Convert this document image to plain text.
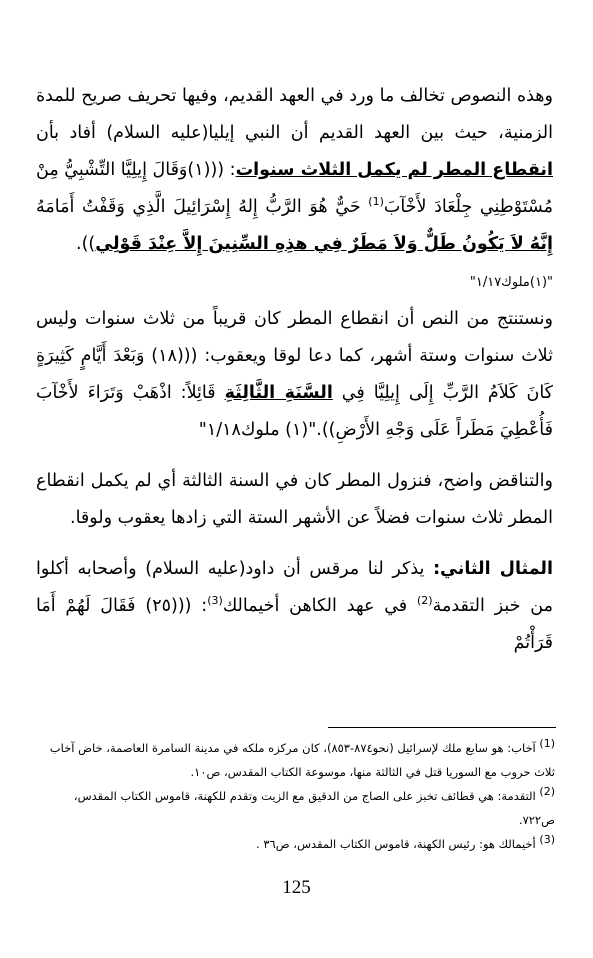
وهذه النصوص تخالف ما ورد في العهد القديم، وفيها تحريف صريح للمدة الزمنية، حيث بين العهد القديم أن النبي إيليا(عليه السلام) أفاد بأن انقطاع المطر لم يكمل الثلاث سنوات: (((١)وَقَالَ إِيلِيَّا التِّشْبِيُّ مِنْ مُسْتَوْطِنِي جِلْعَادَ لأَخْآبَ$^{(1)}$ حَيٌّ هُوَ الرَّبُّ إِلهُ إِسْرَائِيلَ الَّذِي وَقَفْتُ أَمَامَهُ إِنَّهُ لاَ يَكُونُ طَلٌّ وَلاَ مَطَرٌ فِي هذِهِ السِّنِينَ إِلاَّ عِنْدَ قَوْلِي)).

"(١)ملوك١/١٧"

ونستنتج من النص أن انقطاع المطر كان قريباً من ثلاث سنوات وليس ثلاث سنوات وستة أشهر، كما دعا لوقا ويعقوب: (((١٨) وَبَعْدَ أَيَّامٍ كَثِيرَةٍ كَانَ كَلاَمُ الرَّبِّ إِلَى إِيلِيَّا فِي السَّنَةِ الثَّالِثَةِ قَائِلاً: اذْهَبْ وَتَرَاءَ لأَخْآبَ فَأُعْطِيَ مَطَراً عَلَى وَجْهِ الأَرْضِ))."(١) ملوك١/١٨"

والتناقض واضح، فنزول المطر كان في السنة الثالثة أي لم يكمل انقطاع المطر ثلاث سنوات فضلاً عن الأشهر الستة التي زادها يعقوب ولوقا.

المثال الثاني: يذكر لنا مرقس أن داود(عليه السلام) وأصحابه أكلوا من خبز التقدمة$^{(2)}$ في عهد الكاهن أخيمالك$^{(3)}$: (((٢٥) فَقَالَ لَهُمْ أَمَا قَرَأْتُمْ

$^{(1)}$ آخاب: هو سابع ملك لإسرائيل (نحو٨٧٤-٨٥٣)، كان مركزه ملكه في مدينة السامرة العاصمة، خاض آخاب ثلاث حروب مع السوريا قتل في الثالثة منها، موسوعة الكتاب المقدس، ص١٠.

$^{(2)}$ التقدمة: هي قطائف تخبز على الصاج من الدقيق مع الزيت وتقدم للكهنة، قاموس الكتاب المقدس، ص٧٢٢.

$^{(3)}$ أخيمالك هو: رئيس الكهنة، قاموس الكتاب المقدس، ص٣٦ .

125
